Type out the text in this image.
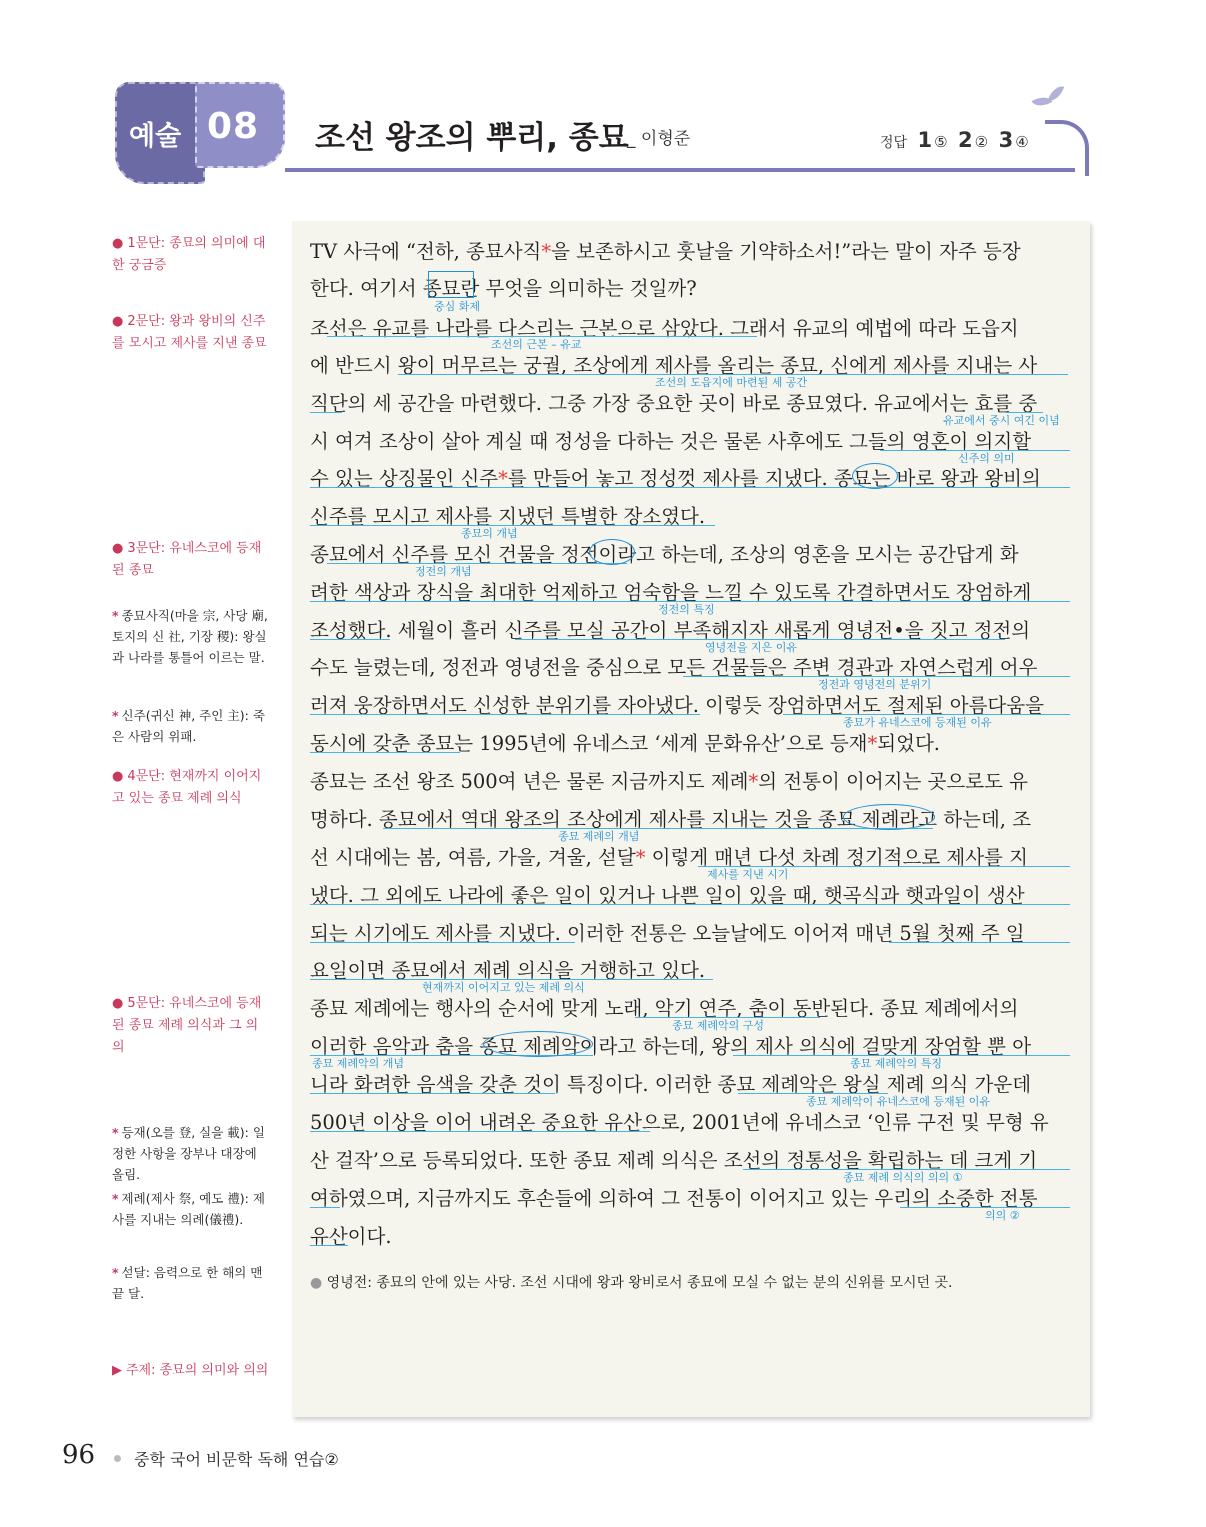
예술 08 조선 왕조의 뿌리, 종묘
_ 이형준	정답 1 ⑤ 2 ② 3 ④
● 1문단: 종묘의 의미에 대한 궁금증
● 2문단: 왕과 왕비의 신주를 모시고 제사를 지낸 종묘
● 3문단: 유네스코에 등재된 종묘
● 4문단: 현재까지 이어지고 있는 종묘 제례 의식
● 5문단: 유네스코에 등재된 종묘 제례 의식과 그 의의
* 종묘사직(마을 宗, 사당 廟, 토지의 신 社, 기장 稷): 왕실과 나라를 통틀어 이르는 말.
* 신주(귀신 神, 주인 主): 죽은 사람의 위패.
* 등재(오를 登, 실을 載): 일정한 사항을 장부나 대장에 올림.
* 제례(제사 祭, 예도 禮): 제사를 지내는 의례(儀禮).
* 섣달: 음력으로 한 해의 맨 끝 달.
▶ 주제: 종묘의 의미와 의의
TV 사극에 “전하, 종묘사직*을 보존하시고 훗날을 기약하소서!”라는 말이 자주 등장
한다. 여기서 종묘란 무엇을 의미하는 것일까?
조선은 유교를 나라를 다스리는 근본으로 삼았다. 그래서 유교의 예법에 따라 도읍지
에 반드시 왕이 머무르는 궁궐, 조상에게 제사를 올리는 종묘, 신에게 제사를 지내는 사
직단의 세 공간을 마련했다. 그중 가장 중요한 곳이 바로 종묘였다. 유교에서는 효를 중
시 여겨 조상이 살아 계실 때 정성을 다하는 것은 물론 사후에도 그들의 영혼이 의지할
수 있는 상징물인 신주*를 만들어 놓고 정성껏 제사를 지냈다. 종묘는 바로 왕과 왕비의
신주를 모시고 제사를 지냈던 특별한 장소였다.
종묘에서 신주를 모신 건물을 정전이라고 하는데, 조상의 영혼을 모시는 공간답게 화
려한 색상과 장식을 최대한 억제하고 엄숙함을 느낄 수 있도록 간결하면서도 장엄하게
조성했다. 세월이 흘러 신주를 모실 공간이 부족해지자 새롭게 영녕전•을 짓고 정전의
수도 늘렸는데, 정전과 영녕전을 중심으로 모든 건물들은 주변 경관과 자연스럽게 어우
러져 웅장하면서도 신성한 분위기를 자아냈다. 이렇듯 장엄하면서도 절제된 아름다움을
동시에 갖춘 종묘는 1995년에 유네스코 ‘세계 문화유산’으로 등재*되었다.
종묘는 조선 왕조 500여 년은 물론 지금까지도 제례*의 전통이 이어지는 곳으로도 유
명하다. 종묘에서 역대 왕조의 조상에게 제사를 지내는 것을 종묘 제례라고 하는데, 조
선 시대에는 봄, 여름, 가을, 겨울, 섣달* 이렇게 매년 다섯 차례 정기적으로 제사를 지
냈다. 그 외에도 나라에 좋은 일이 있거나 나쁜 일이 있을 때, 햇곡식과 햇과일이 생산
되는 시기에도 제사를 지냈다. 이러한 전통은 오늘날에도 이어져 매년 5월 첫째 주 일
요일이면 종묘에서 제례 의식을 거행하고 있다.
종묘 제례에는 행사의 순서에 맞게 노래, 악기 연주, 춤이 동반된다. 종묘 제례에서의
이러한 음악과 춤을 종묘 제례악이라고 하는데, 왕의 제사 의식에 걸맞게 장엄할 뿐 아
니라 화려한 음색을 갖춘 것이 특징이다. 이러한 종묘 제례악은 왕실 제례 의식 가운데
500년 이상을 이어 내려온 중요한 유산으로, 2001년에 유네스코 ‘인류 구전 및 무형 유
산 걸작’으로 등록되었다. 또한 종묘 제례 의식은 조선의 정통성을 확립하는 데 크게 기
여하였으며, 지금까지도 후손들에 의하여 그 전통이 이어지고 있는 우리의 소중한 전통
유산이다.
중심 화제
조선의 근본 – 유교
조선의 도읍지에 마련된 세 공간
유교에서 중시 여긴 이념
신주의 의미
종묘의 개념
정전의 개념
정전의 특징
영녕전을 지은 이유
정전과 영녕전의 분위기
종묘가 유네스코에 등재된 이유
종묘 제례의 개념
제사를 지낸 시기
현재까지 이어지고 있는 제례 의식
종묘 제례악의 구성
종묘 제례악의 개념	종묘 제례악의 특징
종묘 제례악이 유네스코에 등재된 이유
종묘 제례 의식의 의의 ①
의의 ②
● 영녕전: 종묘의 안에 있는 사당. 조선 시대에 왕과 왕비로서 종묘에 모실 수 없는 분의 신위를 모시던 곳.
96 중학 국어 비문학 독해 연습②
